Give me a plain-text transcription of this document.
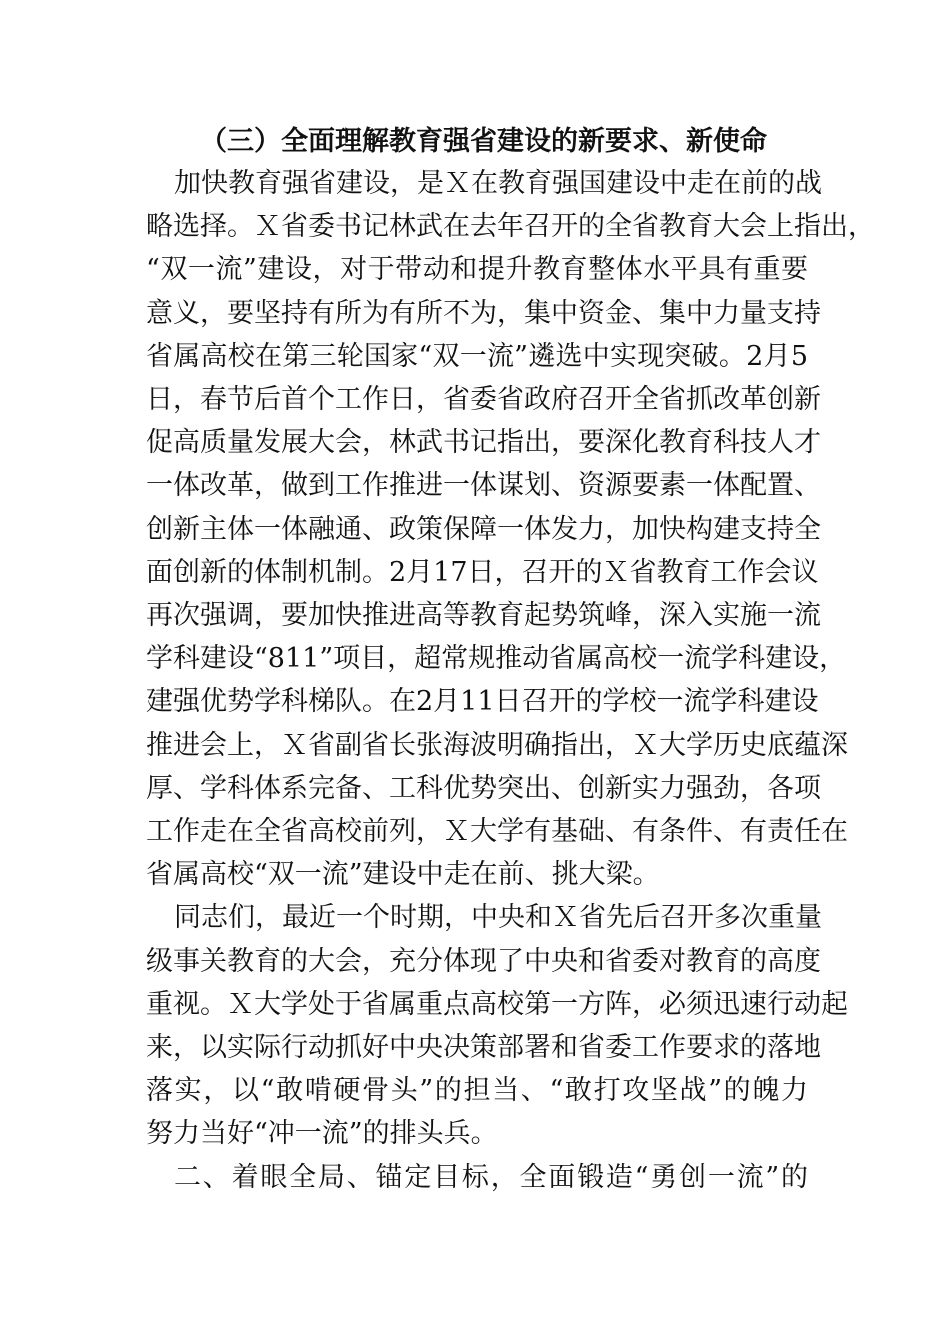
（三）全面理解教育强省建设的新要求、新使命
加快教育强省建设，是Ｘ在教育强国建设中走在前的战
略选择。Ｘ省委书记林武在去年召开的全省教育大会上指出，
“双一流”建设，对于带动和提升教育整体水平具有重要
意义，要坚持有所为有所不为，集中资金、集中力量支持
省属高校在第三轮国家“双一流”遴选中实现突破。2月5
日，春节后首个工作日，省委省政府召开全省抓改革创新
促高质量发展大会，林武书记指出，要深化教育科技人才
一体改革，做到工作推进一体谋划、资源要素一体配置、
创新主体一体融通、政策保障一体发力，加快构建支持全
面创新的体制机制。2月17日，召开的Ｘ省教育工作会议
再次强调，要加快推进高等教育起势筑峰，深入实施一流
学科建设“811”项目，超常规推动省属高校一流学科建设，
建强优势学科梯队。在2月11日召开的学校一流学科建设
推进会上，Ｘ省副省长张海波明确指出，Ｘ大学历史底蕴深
厚、学科体系完备、工科优势突出、创新实力强劲，各项
工作走在全省高校前列，Ｘ大学有基础、有条件、有责任在
省属高校“双一流”建设中走在前、挑大梁。
同志们，最近一个时期，中央和Ｘ省先后召开多次重量
级事关教育的大会，充分体现了中央和省委对教育的高度
重视。Ｘ大学处于省属重点高校第一方阵，必须迅速行动起
来，以实际行动抓好中央决策部署和省委工作要求的落地
落实，以“敢啃硬骨头”的担当、“敢打攻坚战”的魄力
努力当好“冲一流”的排头兵。
二、着眼全局、锚定目标，全面锻造“勇创一流”的
